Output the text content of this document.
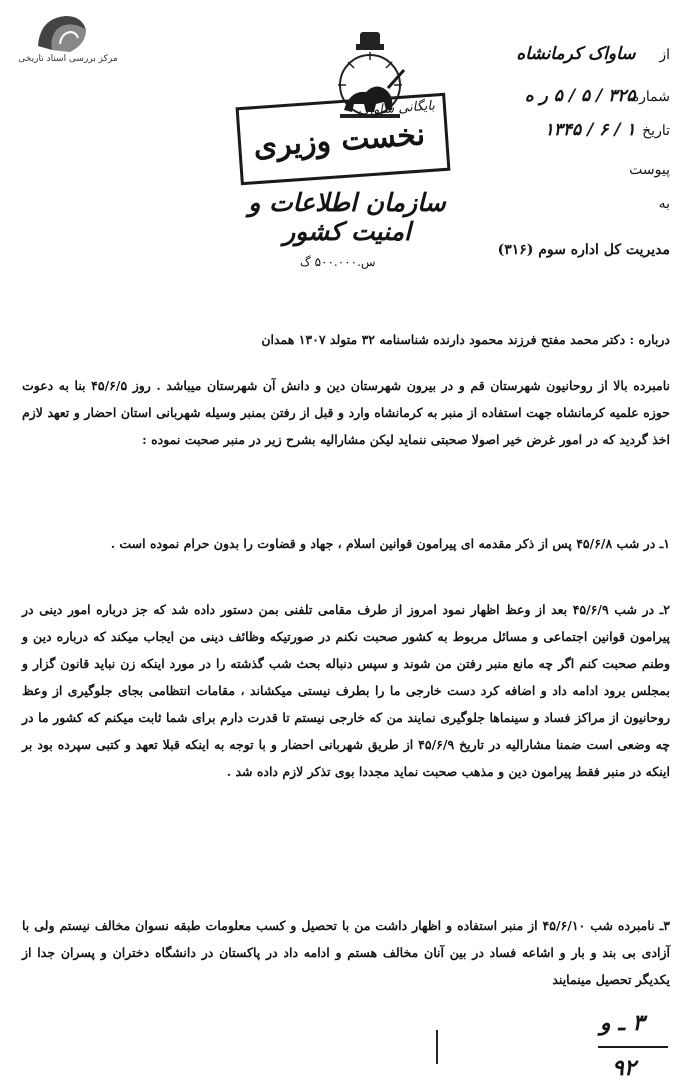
مرکز بررسی اسناد تاریخی
بایگانی ساواک
نخست وزیری
سازمان اطلاعات و امنیت کشور
س.۵۰۰.۰۰۰ گ
از ساواک کرمانشاه
شماره ۳۲۵ / ۵ / ۵ ر ه
تاریخ ۱ / ۶ / ۱۳۴۵
پیوست
به
مدیریت کل اداره سوم (۳۱۶)
درباره : دکتر محمد مفتح فرزند محمود دارنده شناسنامه ۳۲ متولد ۱۳۰۷ همدان
نامبرده بالا از روحانیون شهرستان قم و در بیرون شهرستان دین و دانش آن شهرستان میباشد . روز ۴۵/۶/۵ بنا به دعوت حوزه علمیه کرمانشاه جهت استفاده از منبر به کرمانشاه وارد و قبل از رفتن بمنبر وسیله شهربانی استان احضار و تعهد لازم اخذ گردید که در امور غرض خیر اصولا صحبتی ننماید لیکن مشارالیه بشرح زیر در منبر صحبت نموده :
۱ـ در شب ۴۵/۶/۸ پس از ذکر مقدمه ای پیرامون قوانین اسلام ، جهاد و قضاوت را بدون حرام نموده است .
۲ـ در شب ۴۵/۶/۹ بعد از وعظ اظهار نمود امروز از طرف مقامی تلفنی بمن دستور داده شد که جز درباره امور دینی در پیرامون قوانین اجتماعی و مسائل مربوط به کشور صحبت نکنم در صورتیکه وظائف دینی من ایجاب میکند که درباره دین و وطنم صحبت کنم اگر چه مانع منبر رفتن من شوند و سپس دنباله بحث شب گذشته را در مورد اینکه زن نباید قانون گزار و بمجلس برود ادامه داد و اضافه کرد دست خارجی ما را بطرف نیستی میکشاند ، مقامات انتظامی بجای جلوگیری از وعظ روحانیون از مراکز فساد و سینماها جلوگیری نمایند من که خارجی نیستم تا قدرت دارم برای شما ثابت میکنم که کشور ما در چه وضعی است ضمنا مشارالیه در تاریخ ۴۵/۶/۹ از طریق شهربانی احضار و با توجه به اینکه قبلا تعهد و کتبی سپرده بود بر اینکه در منبر فقط پیرامون دین و مذهب صحبت نماید مجددا بوی تذکر لازم داده شد .
۳ـ نامبرده شب ۴۵/۶/۱۰ از منبر استفاده و اظهار داشت من با تحصیل و کسب معلومات طبقه نسوان مخالف نیستم ولی با آزادی بی بند و بار و اشاعه فساد در بین آنان مخالف هستم و ادامه داد در پاکستان در دانشگاه دختران و پسران جدا از یکدیگر تحصیل مینمایند
۳ ـ و
۹۲
